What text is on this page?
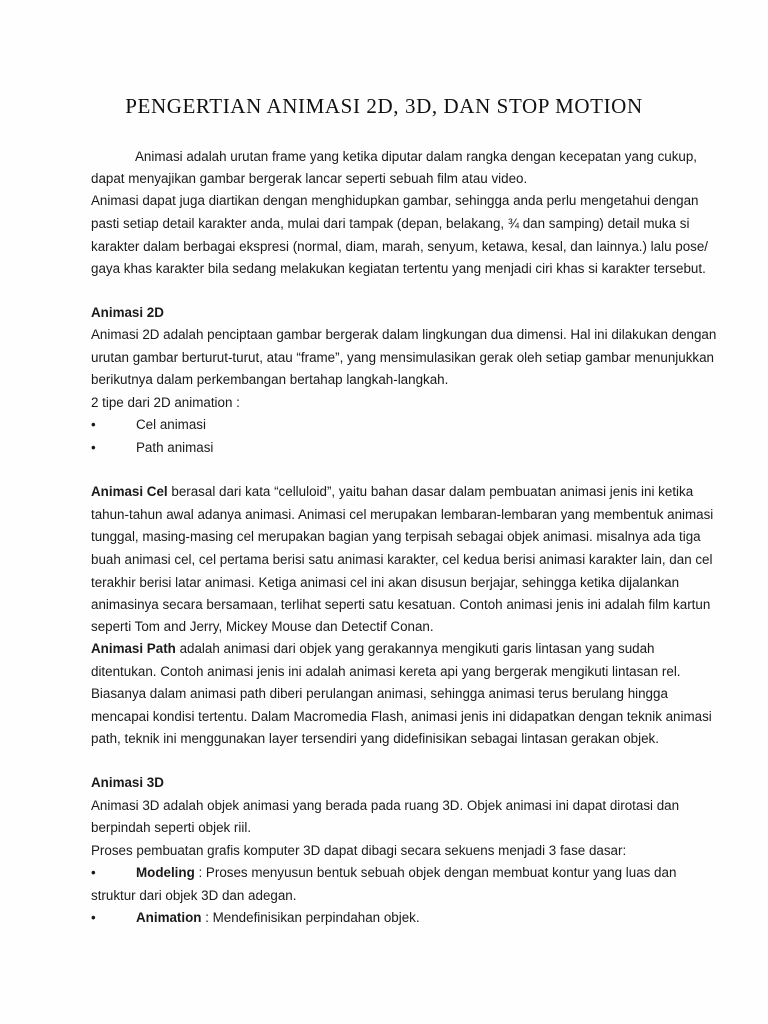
PENGERTIAN ANIMASI 2D, 3D, DAN STOP MOTION
Animasi adalah urutan frame yang ketika diputar dalam rangka dengan kecepatan yang cukup,
dapat menyajikan gambar bergerak lancar seperti sebuah film atau video.
Animasi dapat juga diartikan dengan menghidupkan gambar, sehingga anda perlu mengetahui dengan
pasti setiap detail karakter anda, mulai dari tampak (depan, belakang, ¾ dan samping) detail muka si
karakter dalam berbagai ekspresi (normal, diam, marah, senyum, ketawa, kesal, dan lainnya.) lalu pose/
gaya khas karakter bila sedang melakukan kegiatan tertentu yang menjadi ciri khas si karakter tersebut.
Animasi 2D
Animasi 2D adalah penciptaan gambar bergerak dalam lingkungan dua dimensi. Hal ini dilakukan dengan
urutan gambar berturut-turut, atau “frame”, yang mensimulasikan gerak oleh setiap gambar menunjukkan
berikutnya dalam perkembangan bertahap langkah-langkah.
2 tipe dari 2D animation :
•	Cel animasi
•	Path animasi
Animasi Cel berasal dari kata “celluloid”, yaitu bahan dasar dalam pembuatan animasi jenis ini ketika
tahun-tahun awal adanya animasi. Animasi cel merupakan lembaran-lembaran yang membentuk animasi
tunggal, masing-masing cel merupakan bagian yang terpisah sebagai objek animasi. misalnya ada tiga
buah animasi cel, cel pertama berisi satu animasi karakter, cel kedua berisi animasi karakter lain, dan cel
terakhir berisi latar animasi. Ketiga animasi cel ini akan disusun berjajar, sehingga ketika dijalankan
animasinya secara bersamaan, terlihat seperti satu kesatuan. Contoh animasi jenis ini adalah film kartun
seperti Tom and Jerry, Mickey Mouse dan Detectif Conan.
Animasi Path adalah animasi dari objek yang gerakannya mengikuti garis lintasan yang sudah
ditentukan. Contoh animasi jenis ini adalah animasi kereta api yang bergerak mengikuti lintasan rel.
Biasanya dalam animasi path diberi perulangan animasi, sehingga animasi terus berulang hingga
mencapai kondisi tertentu. Dalam Macromedia Flash, animasi jenis ini didapatkan dengan teknik animasi
path, teknik ini menggunakan layer tersendiri yang didefinisikan sebagai lintasan gerakan objek.
Animasi 3D
Animasi 3D adalah objek animasi yang berada pada ruang 3D. Objek animasi ini dapat dirotasi dan
berpindah seperti objek riil.
Proses pembuatan grafis komputer 3D dapat dibagi secara sekuens menjadi 3 fase dasar:
•	Modeling : Proses menyusun bentuk sebuah objek dengan membuat kontur yang luas dan
struktur dari objek 3D dan adegan.
•	Animation : Mendefinisikan perpindahan objek.
